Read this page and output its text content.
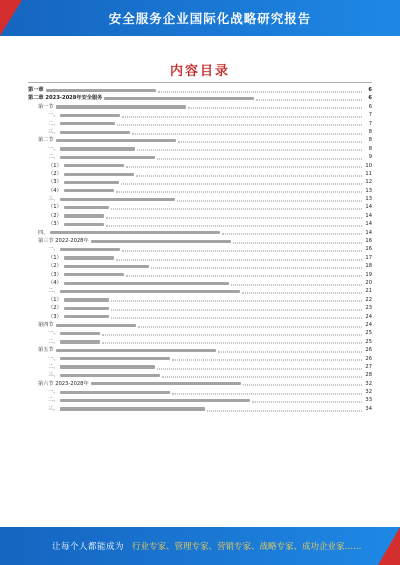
安全服务企业国际化战略研究报告
内容目录
第一章	6
第二章 2023-2028年安全服务	6
第一节	6
一、	7
二、	7
三、	8
第二节	8
一、	8
二、	9
（1）	10
（2）	11
（3）	12
（4）	13
三、	13
（1）	14
（2）	14
（3）	14
四、	14
第三节 2022-2028年	16
一、	16
（1）	17
（2）	18
（3）	19
（4）	20
二、	21
（1）	22
（2）	23
（3）	24
第四节	24
一、	25
二、	25
第五节	26
一、	26
二、	27
三、	28
第六节 2023-2028年	32
一、	32
二、	33
三、	34
让每个人都能成为 行业专家、管理专家、营销专家、战略专家、成功企业家……
